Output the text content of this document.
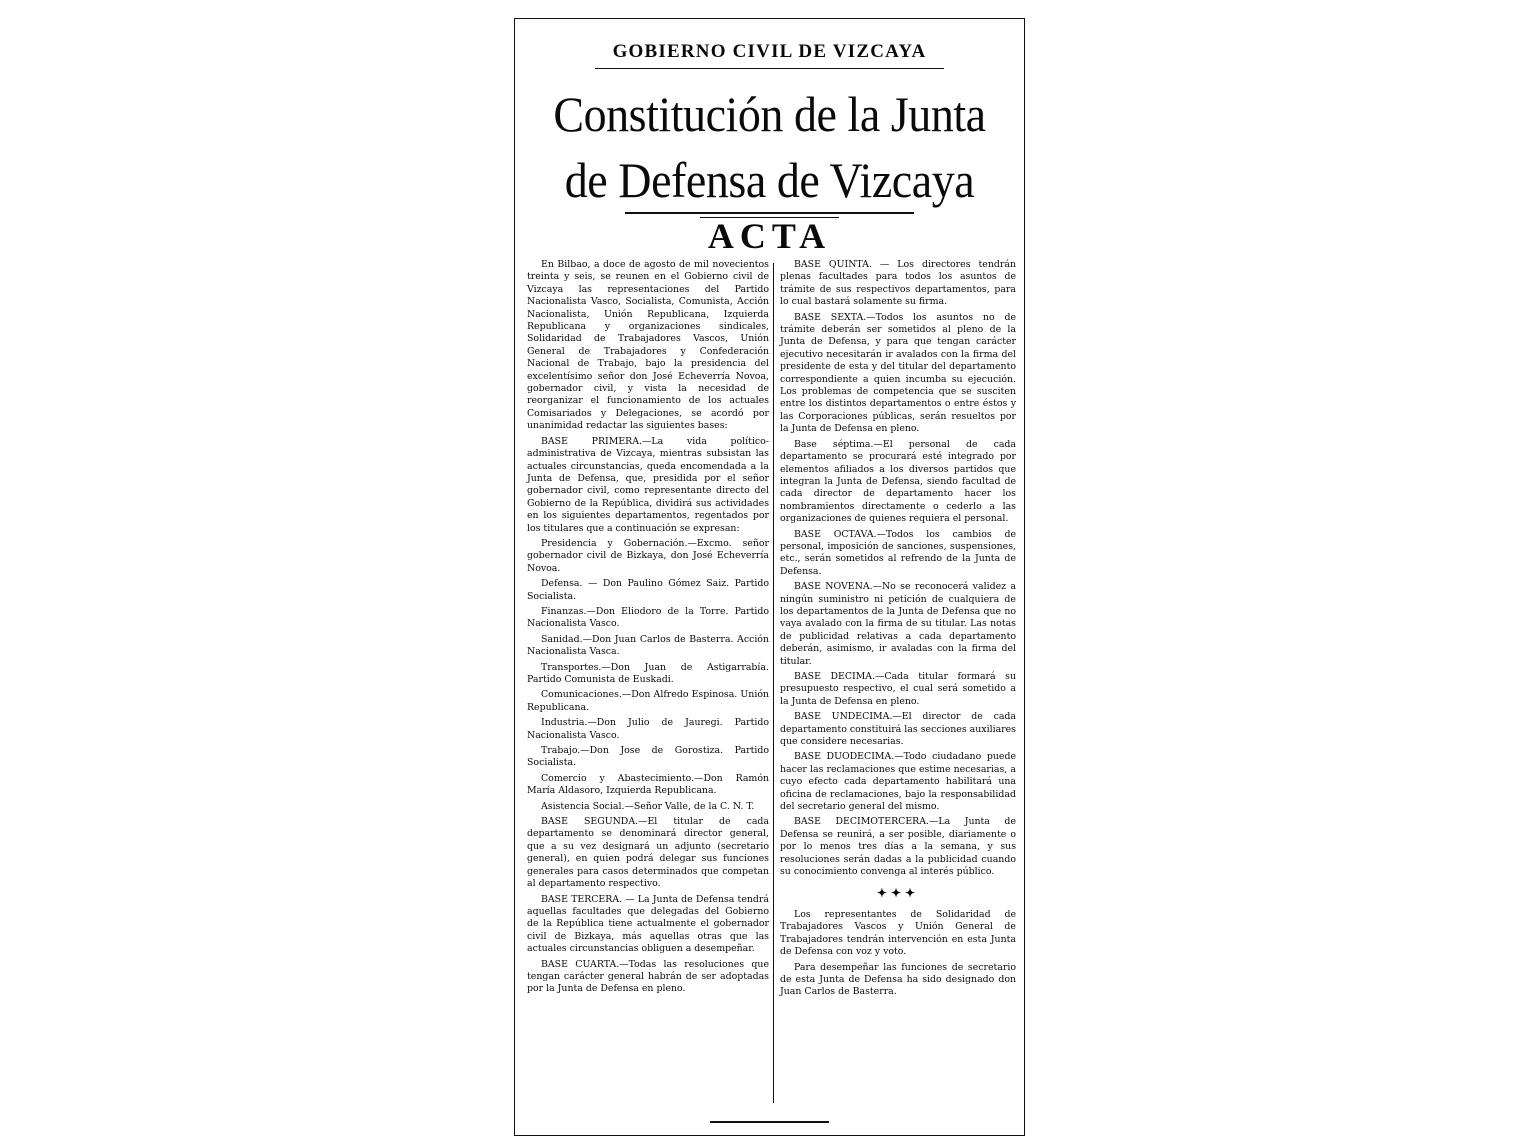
GOBIERNO CIVIL DE VIZCAYA
Constitución de la Junta
de Defensa de Vizcaya
ACTA

En Bilbao, a doce de agosto de mil novecientos treinta y seis, se reunen en el Gobierno civil de Vizcaya las representaciones del Partido Nacionalista Vasco, Socialista, Comunista, Acción Nacionalista, Unión Republicana, Izquierda Republicana y organizaciones sindicales, Solidaridad de Trabajadores Vascos, Unión General de Trabajadores y Confederación Nacional de Trabajo, bajo la presidencia del excelentísimo señor don José Echeverría Novoa, gobernador civil, y vista la necesidad de reorganizar el funcionamiento de los actuales Comisariados y Delegaciones, se acordó por unanimidad redactar las siguientes bases:

BASE PRIMERA.—La vida político-administrativa de Vizcaya, mientras subsistan las actuales circunstancias, queda encomendada a la Junta de Defensa, que, presidida por el señor gobernador civil, como representante directo del Gobierno de la República, dividirá sus actividades en los siguientes departamentos, regentados por los titulares que a continuación se expresan:

Presidencia y Gobernación.—Excmo. señor gobernador civil de Bizkaya, don José Echeverría Novoa.

Defensa. — Don Paulino Gómez Saiz. Partido Socialista.

Finanzas.—Don Eliodoro de la Torre. Partido Nacionalista Vasco.

Sanidad.—Don Juan Carlos de Basterra. Acción Nacionalista Vasca.

Transportes.—Don Juan de Astigarrabía. Partido Comunista de Euskadi.

Comunicaciones.—Don Alfredo Espinosa. Unión Republicana.

Industria.—Don Julio de Jauregi. Partido Nacionalista Vasco.

Trabajo.—Don Jose de Gorostiza. Partido Socialista.

Comercio y Abastecimiento.—Don Ramón María Aldasoro, Izquierda Republicana.

Asistencia Social.—Señor Valle, de la C. N. T.

BASE SEGUNDA.—El titular de cada departamento se denominará director general, que a su vez designará un adjunto (secretario general), en quien podrá delegar sus funciones generales para casos determinados que competan al departamento respectivo.

BASE TERCERA. — La Junta de Defensa tendrá aquellas facultades que delegadas del Gobierno de la República tiene actualmente el gobernador civil de Bizkaya, más aquellas otras que las actuales circunstancias obliguen a desempeñar.

BASE CUARTA.—Todas las resoluciones que tengan carácter general habrán de ser adoptadas por la Junta de Defensa en pleno.

BASE QUINTA. — Los directores tendrán plenas facultades para todos los asuntos de trámite de sus respectivos departamentos, para lo cual bastará solamente su firma.

BASE SEXTA.—Todos los asuntos no de trámite deberán ser sometidos al pleno de la Junta de Defensa, y para que tengan carácter ejecutivo necesitarán ir avalados con la firma del presidente de esta y del titular del departamento correspondiente a quien incumba su ejecución. Los problemas de competencia que se susciten entre los distintos departamentos o entre éstos y las Corporaciones públicas, serán resueltos por la Junta de Defensa en pleno.

Base séptima.—El personal de cada departamento se procurará esté integrado por elementos afiliados a los diversos partidos que integran la Junta de Defensa, siendo facultad de cada director de departamento hacer los nombramientos directamente o cederlo a las organizaciones de quienes requiera el personal.

BASE OCTAVA.—Todos los cambios de personal, imposición de sanciones, suspensiones, etc., serán sometidos al refrendo de la Junta de Defensa.

BASE NOVENA.—No se reconocerá validez a ningún suministro ni petición de cualquiera de los departamentos de la Junta de Defensa que no vaya avalado con la firma de su titular. Las notas de publicidad relativas a cada departamento deberán, asimismo, ir avaladas con la firma del titular.

BASE DECIMA.—Cada titular formará su presupuesto respectivo, el cual será sometido a la Junta de Defensa en pleno.

BASE UNDECIMA.—El director de cada departamento constituirá las secciones auxiliares que considere necesarias.

BASE DUODECIMA.—Todo ciudadano puede hacer las reclamaciones que estime necesarias, a cuyo efecto cada departamento habilitará una oficina de reclamaciones, bajo la responsabilidad del secretario general del mismo.

BASE DECIMOTERCERA.—La Junta de Defensa se reunirá, a ser posible, diariamente o por lo menos tres días a la semana, y sus resoluciones serán dadas a la publicidad cuando su conocimiento convenga al interés público.

✦✦✦

Los representantes de Solidaridad de Trabajadores Vascos y Unión General de Trabajadores tendrán intervención en esta Junta de Defensa con voz y voto.

Para desempeñar las funciones de secretario de esta Junta de Defensa ha sido designado don Juan Carlos de Basterra.
